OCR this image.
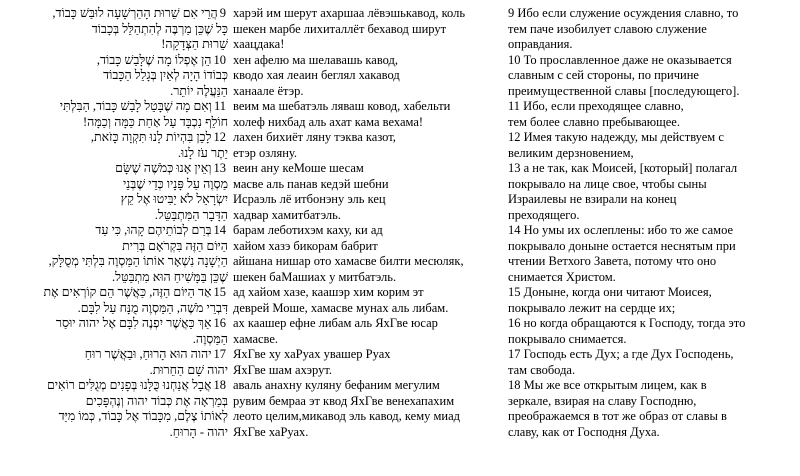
9הֲרֵי אִם שֵׁרוּת הָהַרְשָׁעָה לוּבַּשׁ כָּבוֹד,
כָּל שֶׁכֵּן מַרְבֶּה לְהִתְהַלֵּל בְּכָבוֹד
שֵׁרוּת הַצְּדָקָה!
10הֵן אֶפְלוֹ מָה שֶׁלָּבַשׁ כָּבוֹד,
כְּבוֹדוֹ הָיָה לְאַיִן בְּגָלֵל הַכָּבוֹד
הַנַּעֲלֶה יוֹתֵר.
11וְאִם מָה שֶׁבָּטֵל לָבַשׁ כָּבוֹד, הַבִּלְתִּי
חוֹלֵף נִכְבָּד עַל אַחַת כַּמָּה וְכַמָּה!
12לָכֵן בִּהְיוֹת לָנוּ תִּקְוָה כָּזֹאת,
יֵתֶר עֹז לָנוּ.
13וְאֵין אָנוּ כְּמֹשֶׁה שֶׁשָּׂם
מַסְוֶה עַל פָּנָיו כְּדֵי שֶׁבְּנֵי
יִשְׂרָאֵל לֹא יַבִּיטוּ אֶל קֵץ
הַדָּבָר הַמִּתְבַּטֵּל.
14בְּרַם לְבוֹתֵיהֶם קָהוּ, כִּי עַד
הַיּוֹם הַזֶּה בִּקְרֹאָם בְּרִית
הַיְשָׁנָה נִשְׁאָר אוֹתוֹ הַמַּסְוֶה בִּלְתִּי מְסֻלָּק,
שֶׁכֵּן בַּמָּשִׁיחַ הוּא מִתְבַּטֵּל.
15אַד הַיּוֹם הַזֶּה, כַּאֲשֶׁר הֵם קוֹרְאִים אֶת
דִּבְרֵי מֹשֶׁה, הַמַּסְוֶה מֻנָּח עַל לִבָּם.
16אַךְ כַּאֲשֶׁר יִפְנֶה לִבָּם אֶל יהוה יוּסַר
הַמַּסְוֶה.
17יהוה הוּא הָרוּחַ, וּבַאֲשֶׁר רוּחַ
יהוה שָׁם הַחֵרוּת.
18אֲבָל אֲנַחְנוּ כֻּלָּנוּ בְּפָנִים מְגֻלִּים רוֹאִים
בְּמַרְאָה אֶת כְּבוֹד יהוה וְנֶהְפָּכִים
לְאוֹתוֹ צֶלֶם, מִכָּבוֹד אֶל כָּבוֹד, כְּמוֹ מִיַּד
יהוה - הָרוּחַ.
харэй им шерут ахаршаа лёвэшькавод, коль
шекен марбе лихиталлёт бехавод ширут
хаацдака!
хен афелю ма шелавашь кавод,
кводо хая леаин беглял хакавод
ханаале ётэр.
веим ма шебатэль ляваш ковод, хабельти
холеф нихбад аль ахат кама вехама!
лахен бихиёт ляну тэква казот,
етэр озляну.
веин ану кеМоше шесам
масве аль панав кедэй шебни
Исраэль лё итбонэну эль кец
хадвар хамитбатэль.
барам леботихэм каху, ки ад
хайом хазэ бикорам бабрит
айшана нишар ото хамасве билти месюляк,
шекен баМашиах у митбатэль.
ад хайом хазе, каашэр хим корим эт
деврей Моше, хамасве мунах аль либам.
ах каашер ефне либам аль ЯхГве юсар
хамасве.
ЯхГве ху хаРуах увашер Руах
ЯхГве шам ахэрут.
аваль анахну куляну бефаним мегулим
рувим бемраа эт квод ЯхГве венехапахим
леото целим,микавод эль кавод, кему миад
ЯхГве хаРуах.
9 Ибо если служение осуждения славно, то
тем паче изобилует славою служение
оправдания.
10 То прославленное даже не оказывается
славным с сей стороны, по причине
преимущественной славы [последующего].
11 Ибо, если преходящее славно,
тем более славно пребывающее.
12 Имея такую надежду, мы действуем с
великим дерзновением,
13 а не так, как Моисей, [который] полагал
покрывало на лице свое, чтобы сыны
Израилевы не взирали на конец
преходящего.
14 Но умы их ослеплены: ибо то же самое
покрывало доныне остается неснятым при
чтении Ветхого Завета, потому что оно
снимается Христом.
15 Доныне, когда они читают Моисея,
покрывало лежит на сердце их;
16 но когда обращаются к Господу, тогда это
покрывало снимается.
17 Господь есть Дух; а где Дух Господень,
там свобода.
18 Мы же все открытым лицем, как в
зеркале, взирая на славу Господню,
преображаемся в тот же образ от славы в
славу, как от Господня Духа.
